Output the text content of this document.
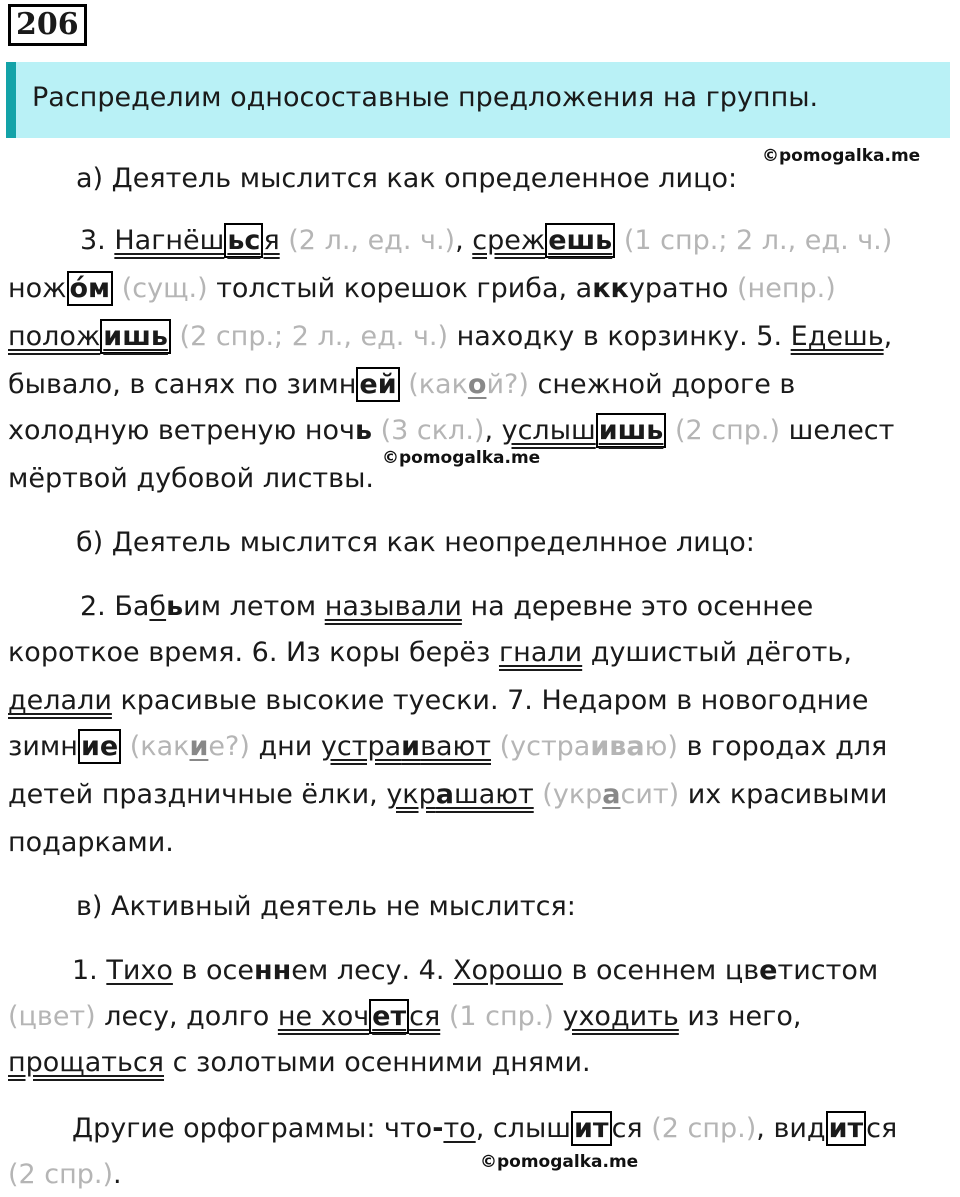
206
Распределим односоставные предложения на группы.
©pomogalka.me
©pomogalka.me
©pomogalka.me
а) Деятель мыслится как определенное лицо:
3. Нагнёш ьс я (2 л., ед. ч.), среж ешь (1 спр.; 2 л., ед. ч.)
нож о́м (сущ.) толстый корешок гриба, аккуратно (непр.)
полож ишь (2 спр.; 2 л., ед. ч.) находку в корзинку. 5. Едешь,
бывало, в санях по зимн ей (какой?) снежной дороге в
холодную ветреную ночь (3 скл.), услыш ишь (2 спр.) шелест
мёртвой дубовой листвы.
б) Деятель мыслится как неопределнное лицо:
2. Бабьим летом называли на деревне это осеннее
короткое время. 6. Из коры берёз гнали душистый дёготь,
делали красивые высокие туески. 7. Недаром в новогодние
зимн ие (какие?) дни устраивают (устраиваю) в городах для
детей праздничные ёлки, украшают (украсит) их красивыми
подарками.
в) Активный деятель не мыслится:
1. Тихо в осеннем лесу. 4. Хорошо в осеннем цветистом
(цвет) лесу, долго не хоч ет ся (1 спр.) уходить из него,
прощаться с золотыми осенними днями.
Другие орфограммы: что-то, слыш ит ся (2 спр.), вид ит ся
(2 спр.).
